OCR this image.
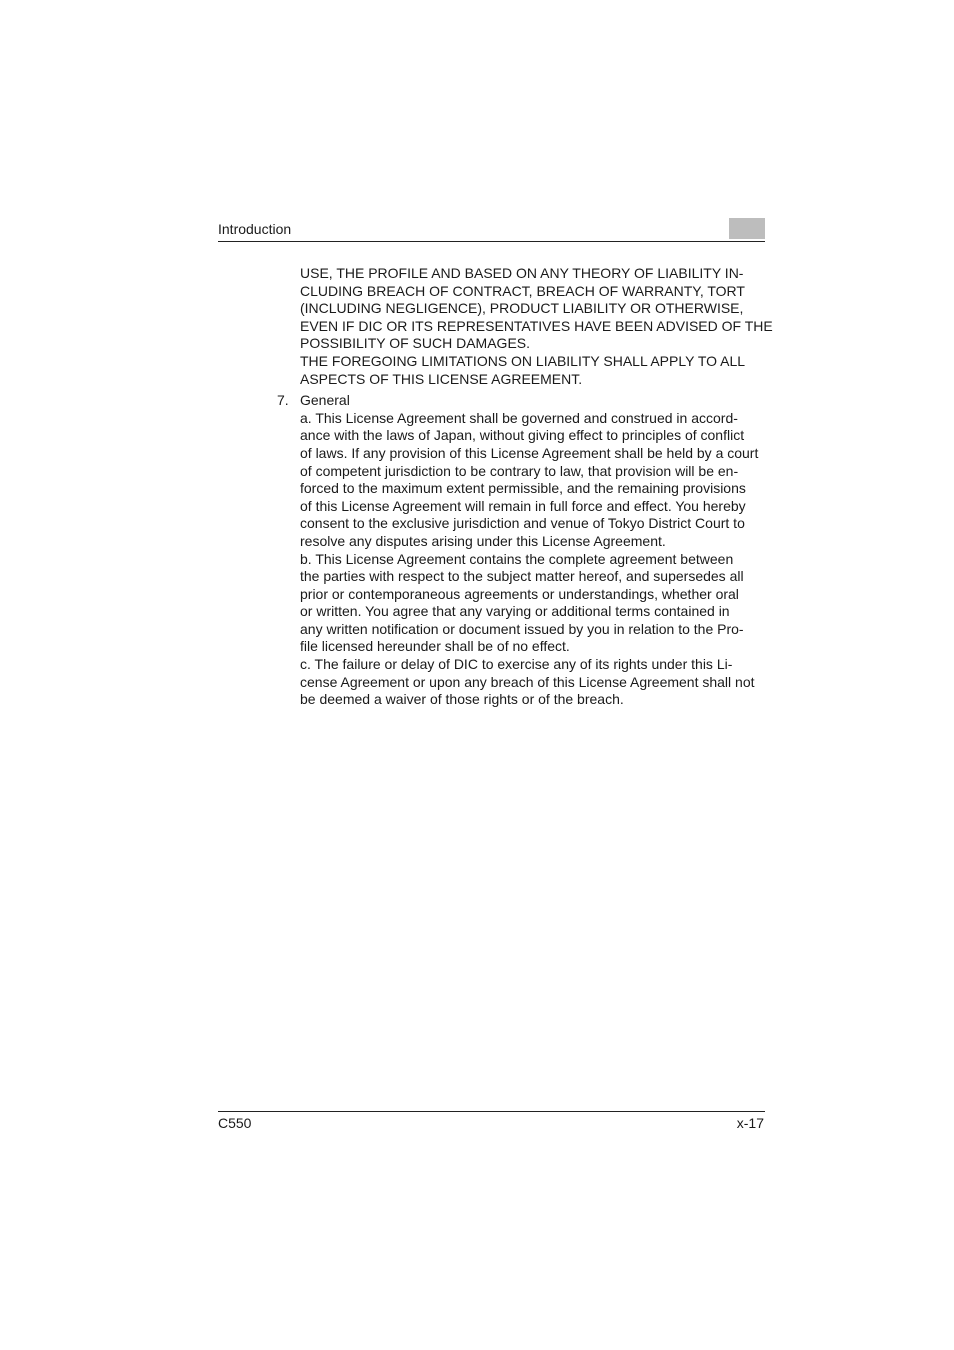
Introduction
USE, THE PROFILE AND BASED ON ANY THEORY OF LIABILITY IN-
CLUDING BREACH OF CONTRACT, BREACH OF WARRANTY, TORT
(INCLUDING NEGLIGENCE), PRODUCT LIABILITY OR OTHERWISE,
EVEN IF DIC OR ITS REPRESENTATIVES HAVE BEEN ADVISED OF THE
POSSIBILITY OF SUCH DAMAGES.
THE FOREGOING LIMITATIONS ON LIABILITY SHALL APPLY TO ALL
ASPECTS OF THIS LICENSE AGREEMENT.
7. General
a. This License Agreement shall be governed and construed in accord-
ance with the laws of Japan, without giving effect to principles of conflict
of laws. If any provision of this License Agreement shall be held by a court
of competent jurisdiction to be contrary to law, that provision will be en-
forced to the maximum extent permissible, and the remaining provisions
of this License Agreement will remain in full force and effect. You hereby
consent to the exclusive jurisdiction and venue of Tokyo District Court to
resolve any disputes arising under this License Agreement.
b. This License Agreement contains the complete agreement between
the parties with respect to the subject matter hereof, and supersedes all
prior or contemporaneous agreements or understandings, whether oral
or written. You agree that any varying or additional terms contained in
any written notification or document issued by you in relation to the Pro-
file licensed hereunder shall be of no effect.
c. The failure or delay of DIC to exercise any of its rights under this Li-
cense Agreement or upon any breach of this License Agreement shall not
be deemed a waiver of those rights or of the breach.
C550	x-17
